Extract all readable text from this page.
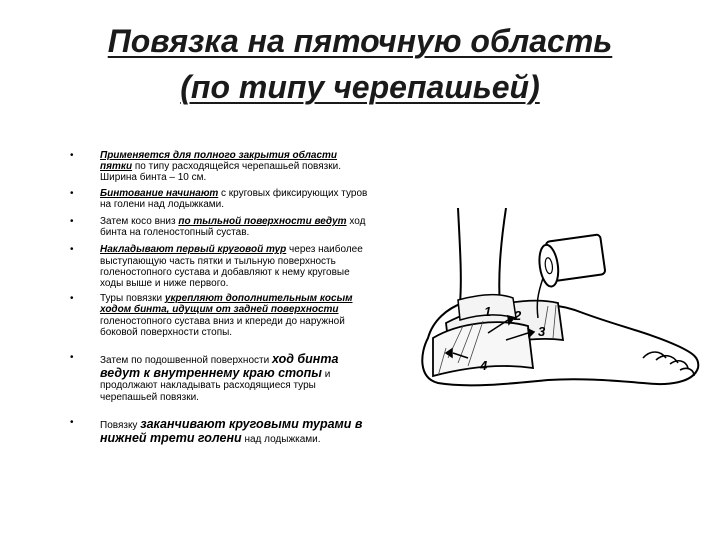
Повязка на пяточную область
(по типу черепашьей)
• Применяется для полного закрытия области пятки по типу расходящейся черепашьей повязки. Ширина бинта – 10 см.
• Бинтование начинают с круговых фиксирующих туров на голени над лодыжками.
• Затем косо вниз по тыльной поверхности ведут ход бинта на голеностопный сустав.
• Накладывают первый круговой тур через наиболее выступающую часть пятки и тыльную поверхность голеностопного сустава и добавляют к нему круговые ходы выше и ниже первого.
• Туры повязки укрепляют дополнительным косым ходом бинта, идущим от задней поверхности голеностопного сустава вниз и кпереди до наружной боковой поверхности стопы.
• Затем по подошвенной поверхности ход бинта ведут к внутреннему краю стопы и продолжают накладывать расходящиеся туры черепашьей повязки.
• Повязку заканчивают круговыми турами в нижней трети голени над лодыжками.
1 2
3
4
